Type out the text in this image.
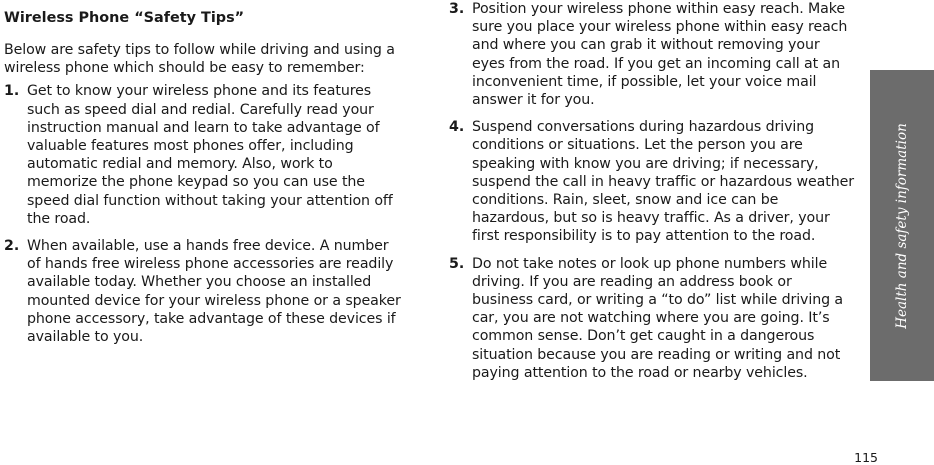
Wireless Phone “Safety Tips”

Below are safety tips to follow while driving and using a wireless phone which should be easy to remember:

1. Get to know your wireless phone and its features such as speed dial and redial. Carefully read your instruction manual and learn to take advantage of valuable features most phones offer, including automatic redial and memory. Also, work to memorize the phone keypad so you can use the speed dial function without taking your attention off the road.
2. When available, use a hands free device. A number of hands free wireless phone accessories are readily available today. Whether you choose an installed mounted device for your wireless phone or a speaker phone accessory, take advantage of these devices if available to you.
3. Position your wireless phone within easy reach. Make sure you place your wireless phone within easy reach and where you can grab it without removing your eyes from the road. If you get an incoming call at an inconvenient time, if possible, let your voice mail answer it for you.
4. Suspend conversations during hazardous driving conditions or situations. Let the person you are speaking with know you are driving; if necessary, suspend the call in heavy traffic or hazardous weather conditions. Rain, sleet, snow and ice can be hazardous, but so is heavy traffic. As a driver, your first responsibility is to pay attention to the road.
5. Do not take notes or look up phone numbers while driving. If you are reading an address book or business card, or writing a “to do” list while driving a car, you are not watching where you are going. It’s common sense. Don’t get caught in a dangerous situation because you are reading or writing and not paying attention to the road or nearby vehicles.
Health and safety information
115
